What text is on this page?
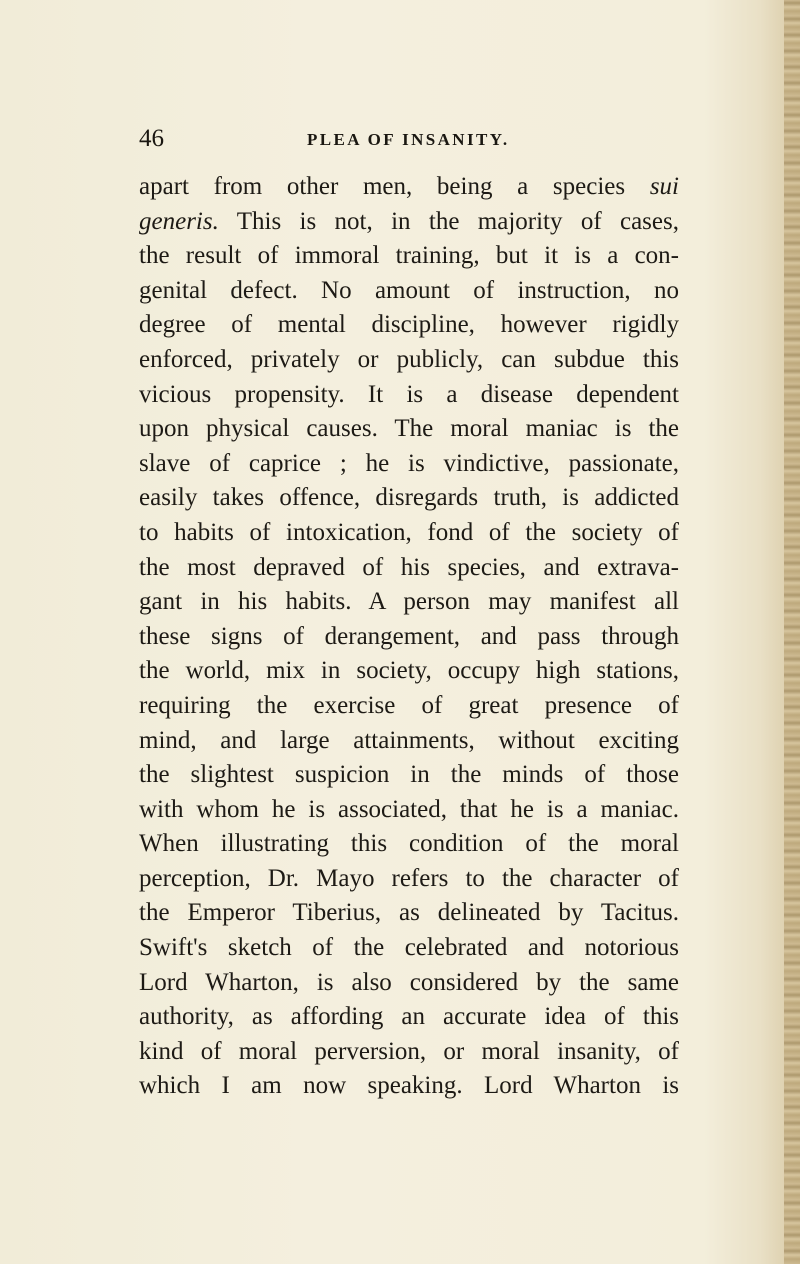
46	PLEA OF INSANITY.
apart from other men, being a species sui
generis. This is not, in the majority of cases,
the result of immoral training, but it is a con-
genital defect. No amount of instruction, no
degree of mental discipline, however rigidly
enforced, privately or publicly, can subdue this
vicious propensity. It is a disease dependent
upon physical causes. The moral maniac is the
slave of caprice ; he is vindictive, passionate,
easily takes offence, disregards truth, is addicted
to habits of intoxication, fond of the society of
the most depraved of his species, and extrava-
gant in his habits. A person may manifest all
these signs of derangement, and pass through
the world, mix in society, occupy high stations,
requiring the exercise of great presence of
mind, and large attainments, without exciting
the slightest suspicion in the minds of those
with whom he is associated, that he is a maniac.
When illustrating this condition of the moral
perception, Dr. Mayo refers to the character of
the Emperor Tiberius, as delineated by Tacitus.
Swift's sketch of the celebrated and notorious
Lord Wharton, is also considered by the same
authority, as affording an accurate idea of this
kind of moral perversion, or moral insanity, of
which I am now speaking. Lord Wharton is
